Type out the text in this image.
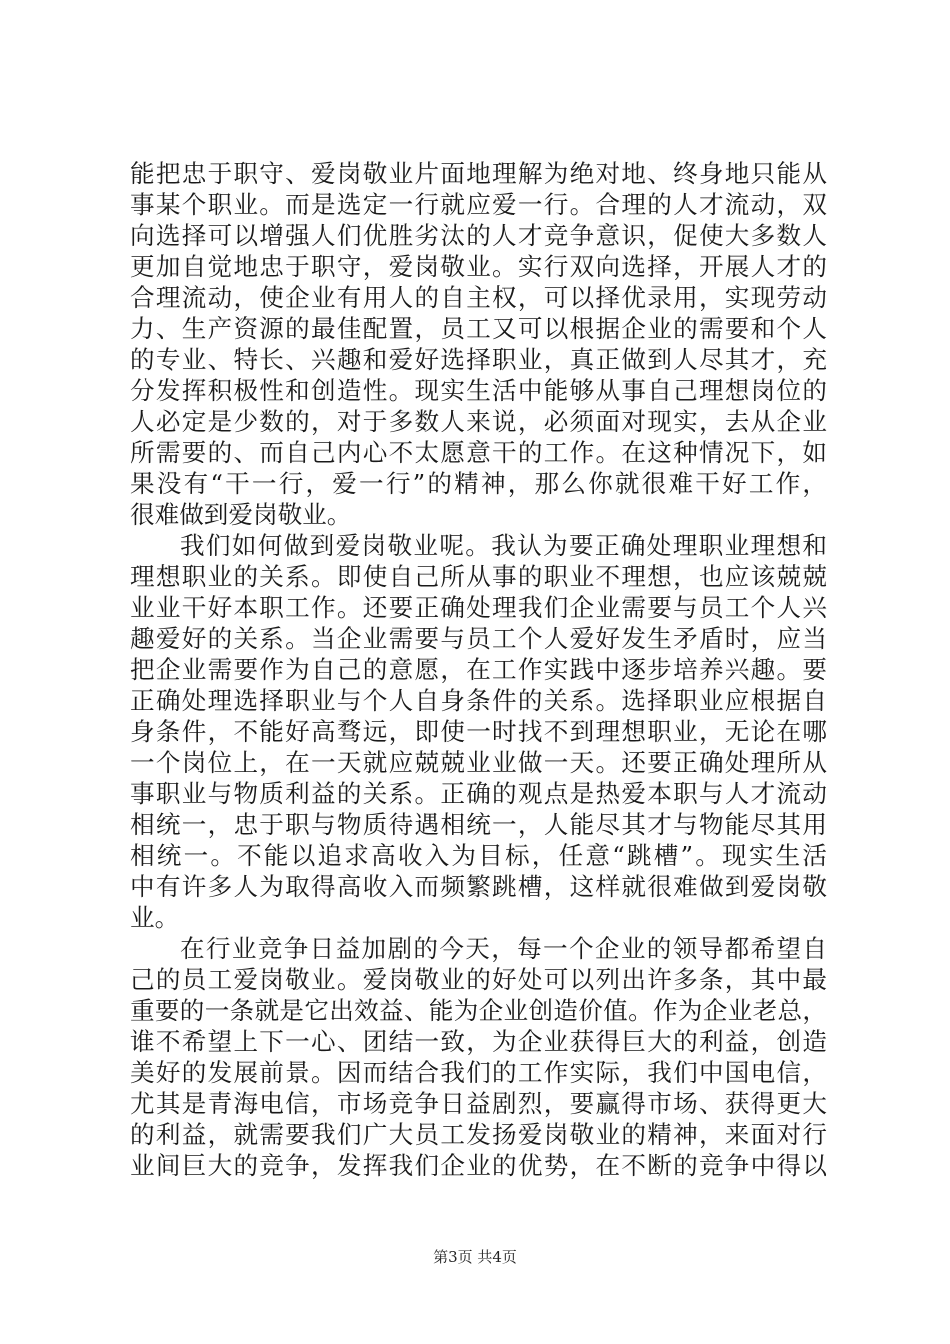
能把忠于职守、爱岗敬业片面地理解为绝对地、终身地只能从
事某个职业。而是选定一行就应爱一行。合理的人才流动，双
向选择可以增强人们优胜劣汰的人才竞争意识，促使大多数人
更加自觉地忠于职守，爱岗敬业。实行双向选择，开展人才的
合理流动，使企业有用人的自主权，可以择优录用，实现劳动
力、生产资源的最佳配置，员工又可以根据企业的需要和个人
的专业、特长、兴趣和爱好选择职业，真正做到人尽其才，充
分发挥积极性和创造性。现实生活中能够从事自己理想岗位的
人必定是少数的，对于多数人来说，必须面对现实，去从企业
所需要的、而自己内心不太愿意干的工作。在这种情况下，如
果没有“干一行，爱一行”的精神，那么你就很难干好工作，
很难做到爱岗敬业。
我们如何做到爱岗敬业呢。我认为要正确处理职业理想和
理想职业的关系。即使自己所从事的职业不理想，也应该兢兢
业业干好本职工作。还要正确处理我们企业需要与员工个人兴
趣爱好的关系。当企业需要与员工个人爱好发生矛盾时，应当
把企业需要作为自己的意愿，在工作实践中逐步培养兴趣。要
正确处理选择职业与个人自身条件的关系。选择职业应根据自
身条件，不能好高骛远，即使一时找不到理想职业，无论在哪
一个岗位上，在一天就应兢兢业业做一天。还要正确处理所从
事职业与物质利益的关系。正确的观点是热爱本职与人才流动
相统一，忠于职与物质待遇相统一，人能尽其才与物能尽其用
相统一。不能以追求高收入为目标，任意“跳槽”。现实生活
中有许多人为取得高收入而频繁跳槽，这样就很难做到爱岗敬
业。
在行业竞争日益加剧的今天，每一个企业的领导都希望自
己的员工爱岗敬业。爱岗敬业的好处可以列出许多条，其中最
重要的一条就是它出效益、能为企业创造价值。作为企业老总，
谁不希望上下一心、团结一致，为企业获得巨大的利益，创造
美好的发展前景。因而结合我们的工作实际，我们中国电信，
尤其是青海电信，市场竞争日益剧烈，要赢得市场、获得更大
的利益，就需要我们广大员工发扬爱岗敬业的精神，来面对行
业间巨大的竞争，发挥我们企业的优势，在不断的竞争中得以
第3页 共4页
